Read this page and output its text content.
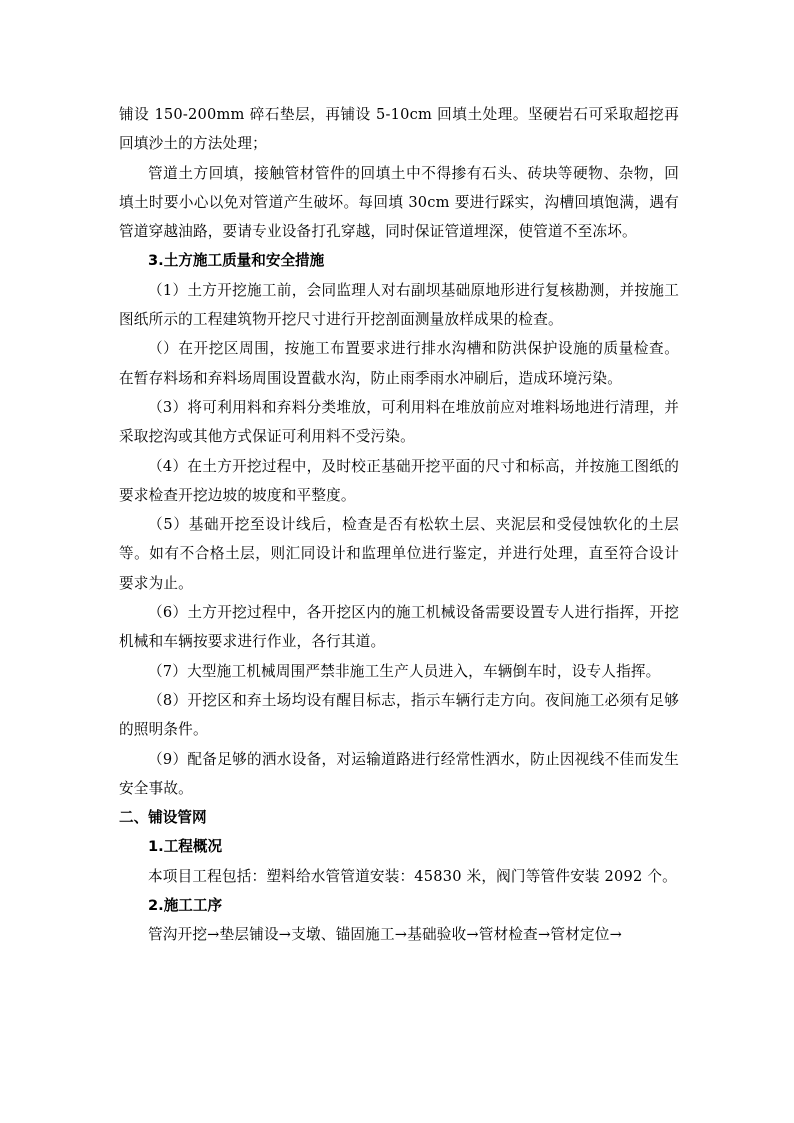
铺设 150-200mm 碎石垫层，再铺设 5-10cm 回填土处理。坚硬岩石可采取超挖再回填沙土的方法处理；

管道土方回填，接触管材管件的回填土中不得掺有石头、砖块等硬物、杂物，回填土时要小心以免对管道产生破坏。每回填 30cm 要进行踩实，沟槽回填饱满，遇有管道穿越油路，要请专业设备打孔穿越，同时保证管道埋深，使管道不至冻坏。

3.土方施工质量和安全措施

（1）土方开挖施工前，会同监理人对右副坝基础原地形进行复核勘测，并按施工图纸所示的工程建筑物开挖尺寸进行开挖剖面测量放样成果的检查。

（）在开挖区周围，按施工布置要求进行排水沟槽和防洪保护设施的质量检查。在暂存料场和弃料场周围设置截水沟，防止雨季雨水冲刷后，造成环境污染。

（3）将可利用料和弃料分类堆放，可利用料在堆放前应对堆料场地进行清理，并采取挖沟或其他方式保证可利用料不受污染。

（4）在土方开挖过程中，及时校正基础开挖平面的尺寸和标高，并按施工图纸的要求检查开挖边坡的坡度和平整度。

（5）基础开挖至设计线后，检查是否有松软土层、夹泥层和受侵蚀软化的土层等。如有不合格土层，则汇同设计和监理单位进行鉴定，并进行处理，直至符合设计要求为止。

（6）土方开挖过程中，各开挖区内的施工机械设备需要设置专人进行指挥，开挖机械和车辆按要求进行作业，各行其道。

（7）大型施工机械周围严禁非施工生产人员进入，车辆倒车时，设专人指挥。

（8）开挖区和弃土场均设有醒目标志，指示车辆行走方向。夜间施工必须有足够的照明条件。

（9）配备足够的洒水设备，对运输道路进行经常性洒水，防止因视线不佳而发生安全事故。

二、铺设管网

1.工程概况

本项目工程包括：塑料给水管管道安装：45830 米，阀门等管件安装 2092 个。

2.施工工序

管沟开挖→垫层铺设→支墩、锚固施工→基础验收→管材检查→管材定位→
